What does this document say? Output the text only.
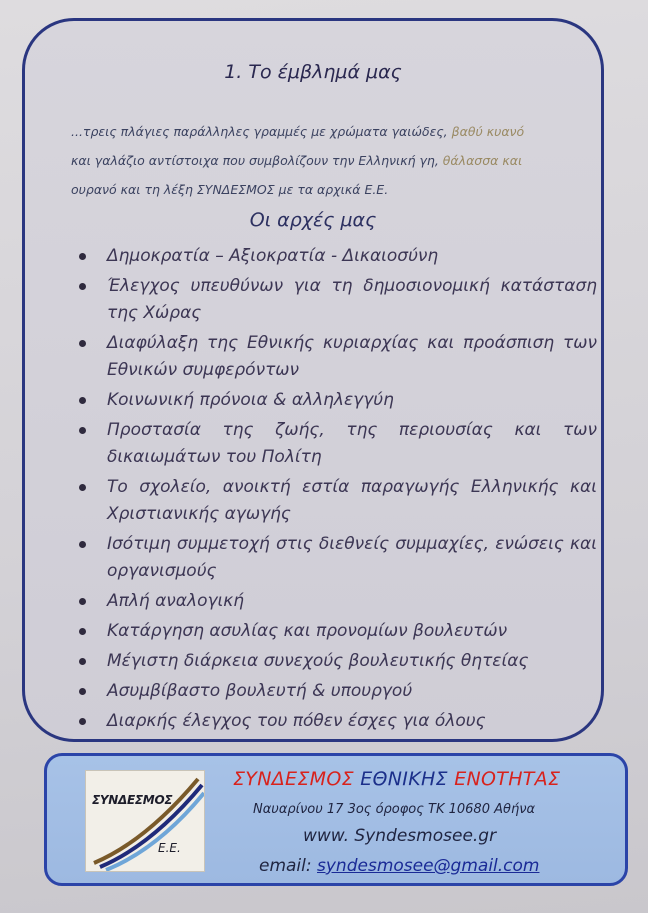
1. Το έμβλημά μας
...τρεις πλάγιες παράλληλες γραμμές με χρώματα γαιώδες, βαθύ κυανό
και γαλάζιο αντίστοιχα που συμβολίζουν την Ελληνική γη, θάλασσα και
ουρανό και τη λέξη ΣΥΝΔΕΣΜΟΣ με τα αρχικά Ε.Ε.
Οι αρχές μας
Δημοκρατία – Αξιοκρατία - Δικαιοσύνη
Έλεγχος υπευθύνων για τη δημοσιονομική κατάσταση της Χώρας
Διαφύλαξη της Εθνικής κυριαρχίας και προάσπιση των Εθνικών συμφερόντων
Κοινωνική πρόνοια & αλληλεγγύη
Προστασία της ζωής, της περιουσίας και των δικαιωμάτων του Πολίτη
Το σχολείο, ανοικτή εστία παραγωγής Ελληνικής και Χριστιανικής αγωγής
Ισότιμη συμμετοχή στις διεθνείς συμμαχίες, ενώσεις και οργανισμούς
Απλή αναλογική
Κατάργηση ασυλίας και προνομίων βουλευτών
Μέγιστη διάρκεια συνεχούς βουλευτικής θητείας
Ασυμβίβαστο βουλευτή & υπουργού
Διαρκής έλεγχος του πόθεν έσχες για όλους
ΣΥΝΔΕΣΜΟΣ
Ε.Ε.
ΣΥΝΔΕΣΜΟΣ ΕΘΝΙΚΗΣ ΕΝΟΤΗΤΑΣ
Ναυαρίνου 17 3ος όροφος ΤΚ 10680 Αθήνα
www. Syndesmosee.gr
email: syndesmosee@gmail.com
